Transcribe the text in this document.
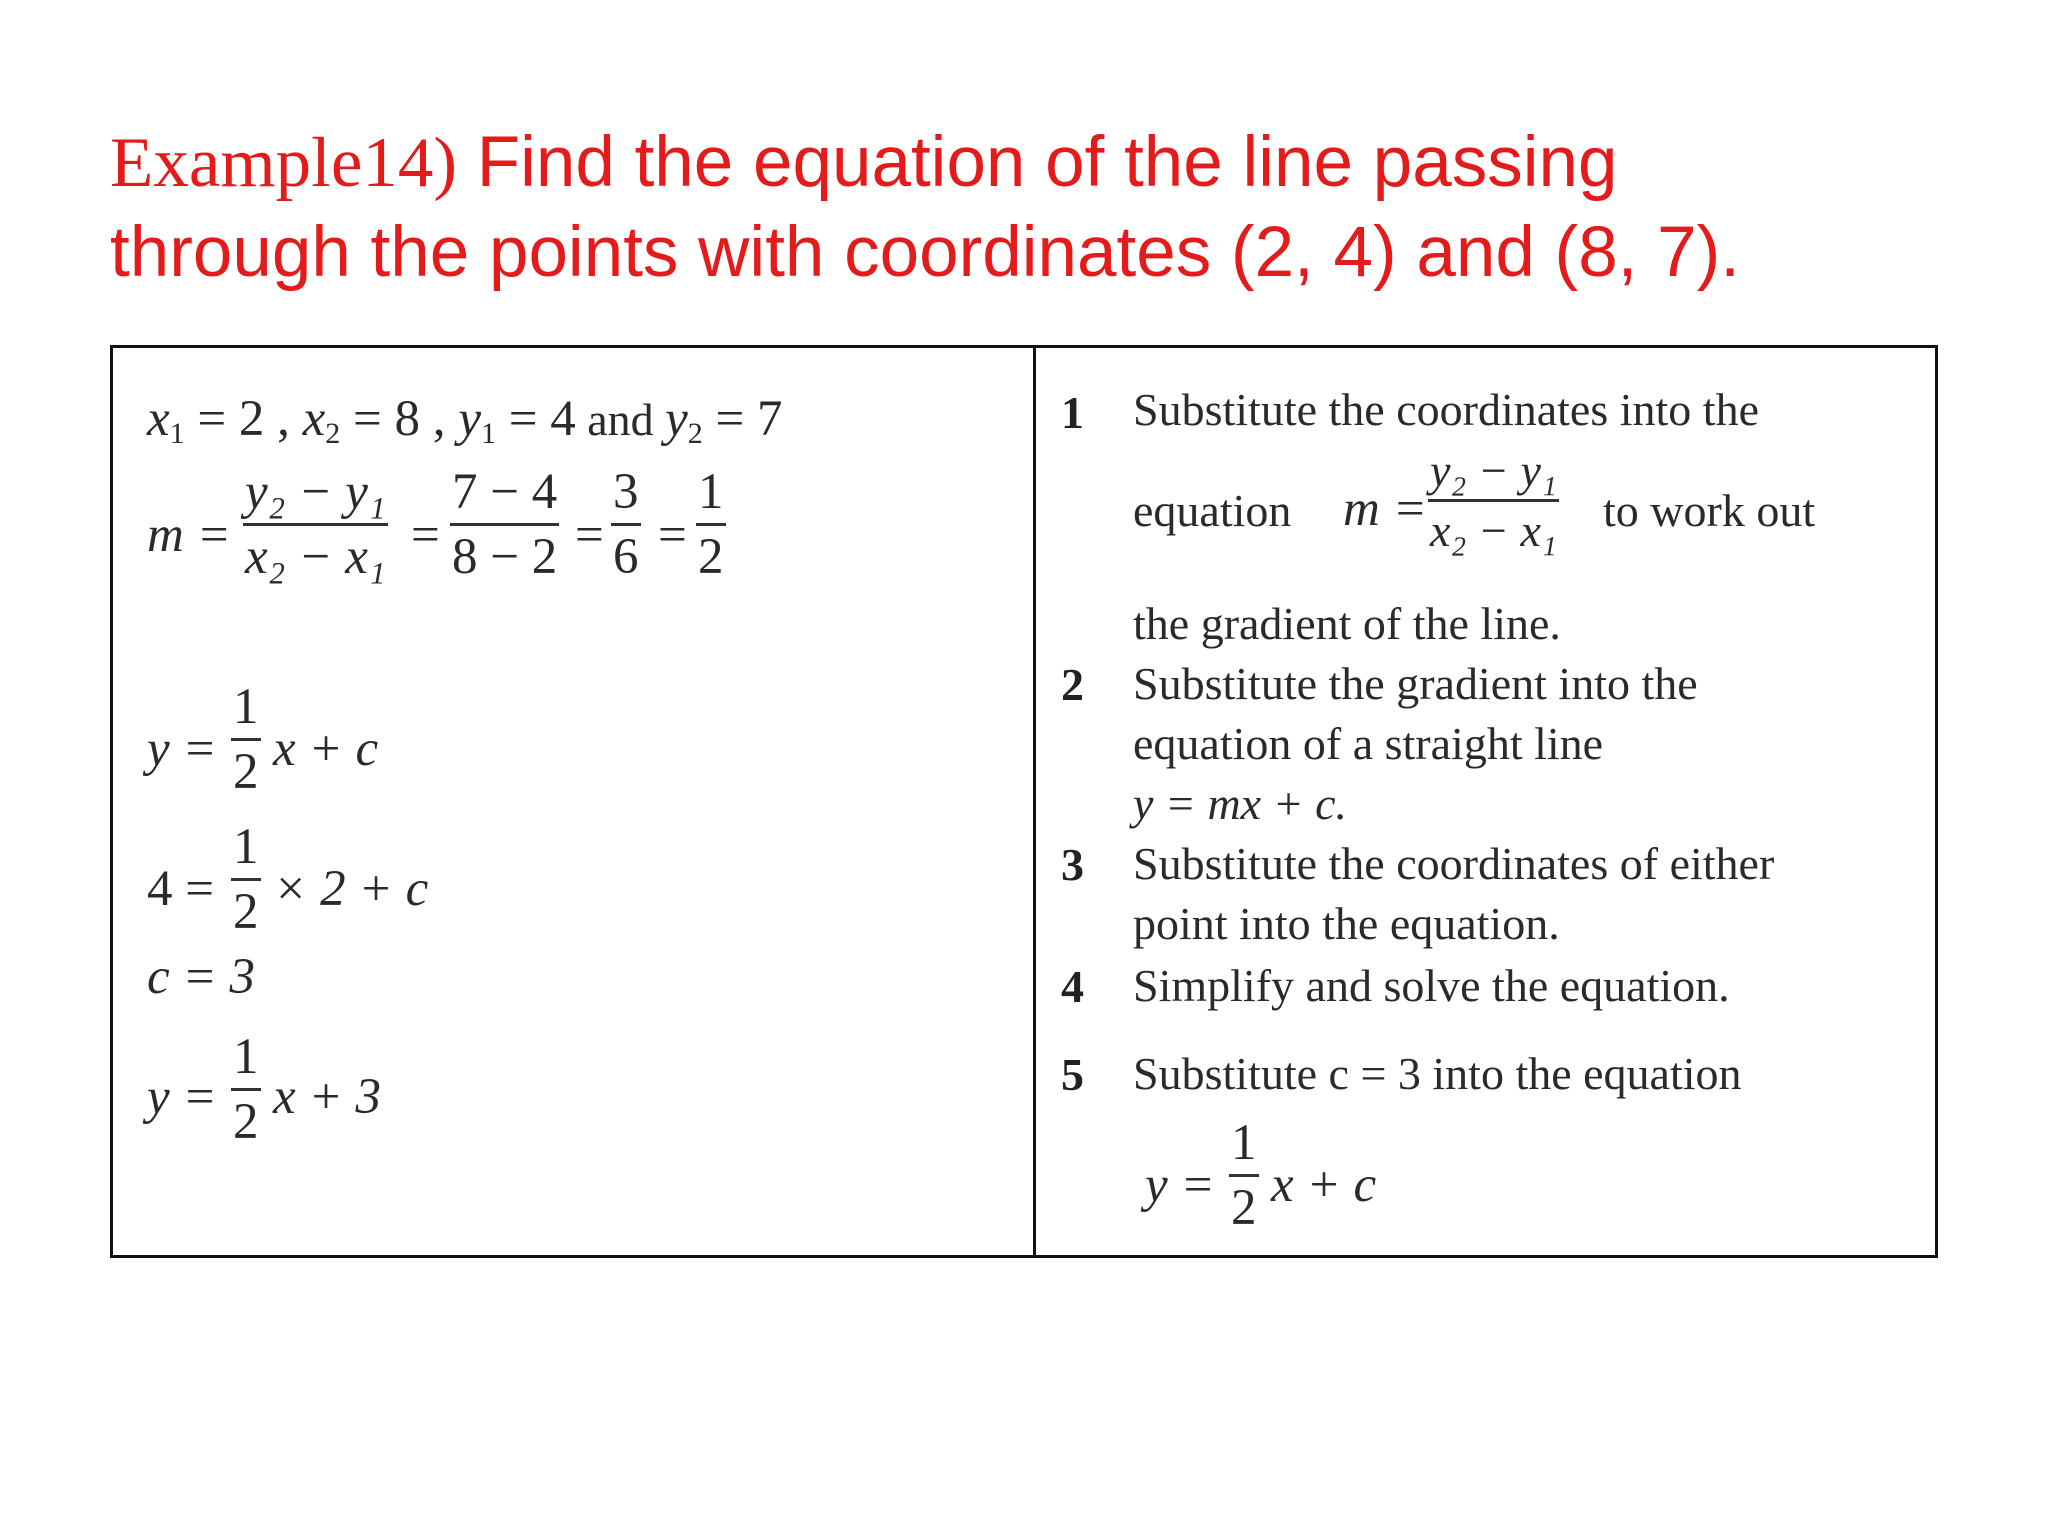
Example14) Find the equation of the line passing
through the points with coordinates (2, 4) and (8, 7).
$x_1 = 2$ , $x_2 = 8$ , $y_1 = 4$ and $y_2 = 7$
m =
y₂ − y₁
x₂ − x₁ =
7 − 4
8 − 2 =
3
6 =
1
2
y =
1
2 x + c
4 =
1
2 × 2 + c
c = 3
y =
1
2 x + 3
1 Substitute the coordinates into the
equation m =
y₂ − y₁
x₂ − x₁ to work out
the gradient of the line.
2 Substitute the gradient into the
equation of a straight line
y = mx + c.
3 Substitute the coordinates of either
point into the equation.
4 Simplify and solve the equation.
5 Substitute c = 3 into the equation
y =
1
2 x + c
